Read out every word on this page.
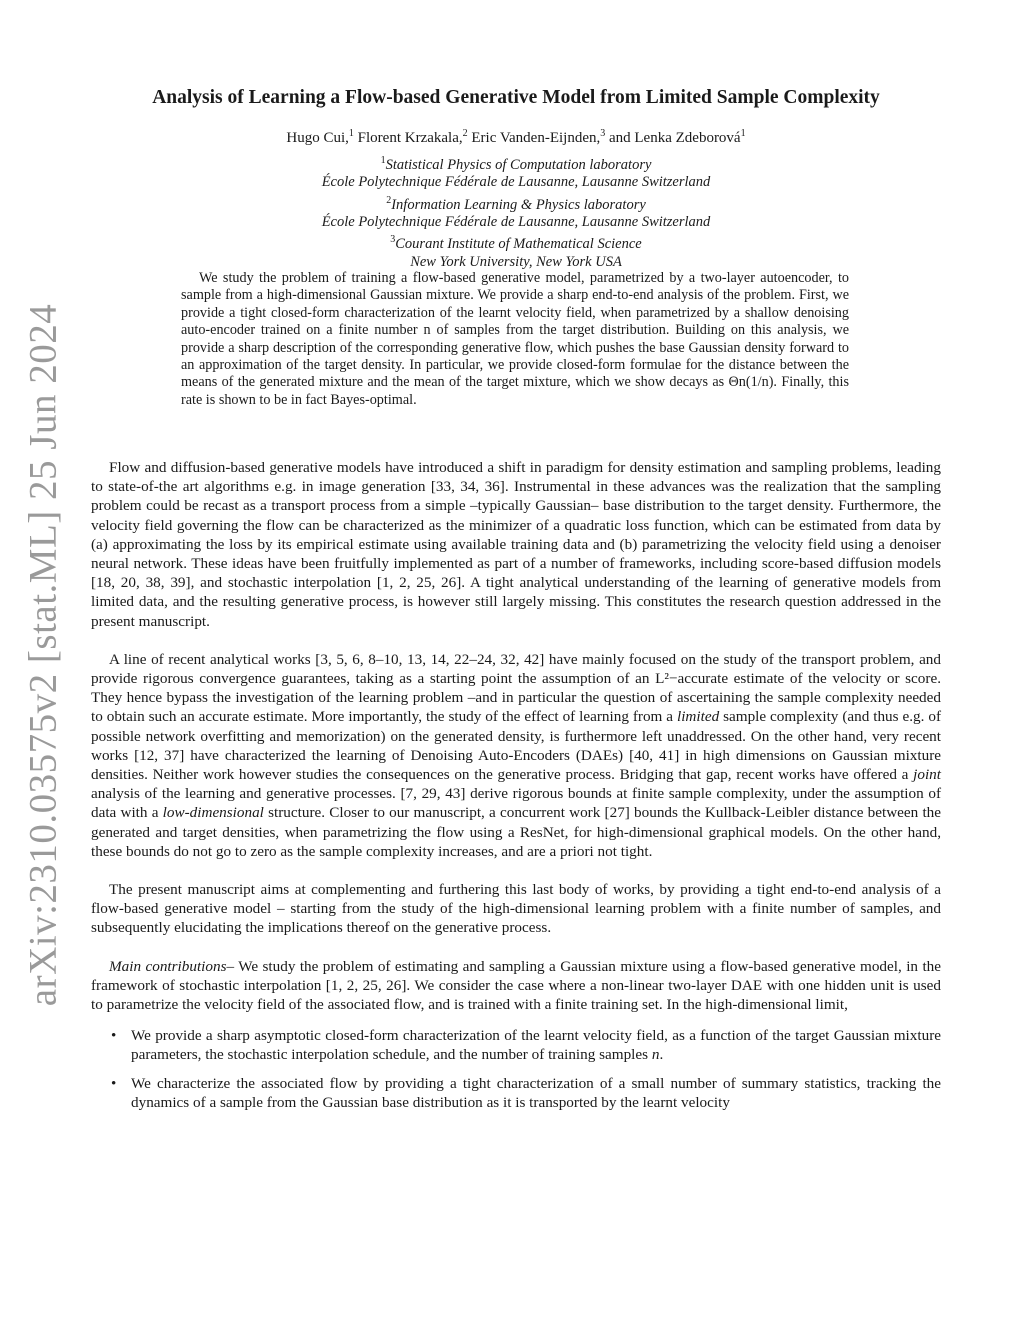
arXiv:2310.03575v2 [stat.ML] 25 Jun 2024
Analysis of Learning a Flow-based Generative Model from Limited Sample Complexity
Hugo Cui,$^1$ Florent Krzakala,$^2$ Eric Vanden-Eijnden,$^3$ and Lenka Zdeborová$^1$
$^1$Statistical Physics of Computation laboratory
École Polytechnique Fédérale de Lausanne, Lausanne Switzerland
$^2$Information Learning & Physics laboratory
École Polytechnique Fédérale de Lausanne, Lausanne Switzerland
$^3$Courant Institute of Mathematical Science
New York University, New York USA

We study the problem of training a flow-based generative model, parametrized by a two-layer autoencoder, to sample from a high-dimensional Gaussian mixture. We provide a sharp end-to-end analysis of the problem. First, we provide a tight closed-form characterization of the learnt velocity field, when parametrized by a shallow denoising auto-encoder trained on a finite number n of samples from the target distribution. Building on this analysis, we provide a sharp description of the corresponding generative flow, which pushes the base Gaussian density forward to an approximation of the target density. In particular, we provide closed-form formulae for the distance between the means of the generated mixture and the mean of the target mixture, which we show decays as Θn(1/n). Finally, this rate is shown to be in fact Bayes-optimal.

Flow and diffusion-based generative models have introduced a shift in paradigm for density estimation and sampling problems, leading to state-of-the art algorithms e.g. in image generation [33, 34, 36]. Instrumental in these advances was the realization that the sampling problem could be recast as a transport process from a simple –typically Gaussian– base distribution to the target density. Furthermore, the velocity field governing the flow can be characterized as the minimizer of a quadratic loss function, which can be estimated from data by (a) approximating the loss by its empirical estimate using available training data and (b) parametrizing the velocity field using a denoiser neural network. These ideas have been fruitfully implemented as part of a number of frameworks, including score-based diffusion models [18, 20, 38, 39], and stochastic interpolation [1, 2, 25, 26]. A tight analytical understanding of the learning of generative models from limited data, and the resulting generative process, is however still largely missing. This constitutes the research question addressed in the present manuscript.

A line of recent analytical works [3, 5, 6, 8–10, 13, 14, 22–24, 32, 42] have mainly focused on the study of the transport problem, and provide rigorous convergence guarantees, taking as a starting point the assumption of an L²−accurate estimate of the velocity or score. They hence bypass the investigation of the learning problem –and in particular the question of ascertaining the sample complexity needed to obtain such an accurate estimate. More importantly, the study of the effect of learning from a limited sample complexity (and thus e.g. of possible network overfitting and memorization) on the generated density, is furthermore left unaddressed. On the other hand, very recent works [12, 37] have characterized the learning of Denoising Auto-Encoders (DAEs) [40, 41] in high dimensions on Gaussian mixture densities. Neither work however studies the consequences on the generative process. Bridging that gap, recent works have offered a joint analysis of the learning and generative processes. [7, 29, 43] derive rigorous bounds at finite sample complexity, under the assumption of data with a low-dimensional structure. Closer to our manuscript, a concurrent work [27] bounds the Kullback-Leibler distance between the generated and target densities, when parametrizing the flow using a ResNet, for high-dimensional graphical models. On the other hand, these bounds do not go to zero as the sample complexity increases, and are a priori not tight.

The present manuscript aims at complementing and furthering this last body of works, by providing a tight end-to-end analysis of a flow-based generative model – starting from the study of the high-dimensional learning problem with a finite number of samples, and subsequently elucidating the implications thereof on the generative process.

Main contributions– We study the problem of estimating and sampling a Gaussian mixture using a flow-based generative model, in the framework of stochastic interpolation [1, 2, 25, 26]. We consider the case where a non-linear two-layer DAE with one hidden unit is used to parametrize the velocity field of the associated flow, and is trained with a finite training set. In the high-dimensional limit,

• We provide a sharp asymptotic closed-form characterization of the learnt velocity field, as a function of the target Gaussian mixture parameters, the stochastic interpolation schedule, and the number of training samples n.
• We characterize the associated flow by providing a tight characterization of a small number of summary statistics, tracking the dynamics of a sample from the Gaussian base distribution as it is transported by the learnt velocity
